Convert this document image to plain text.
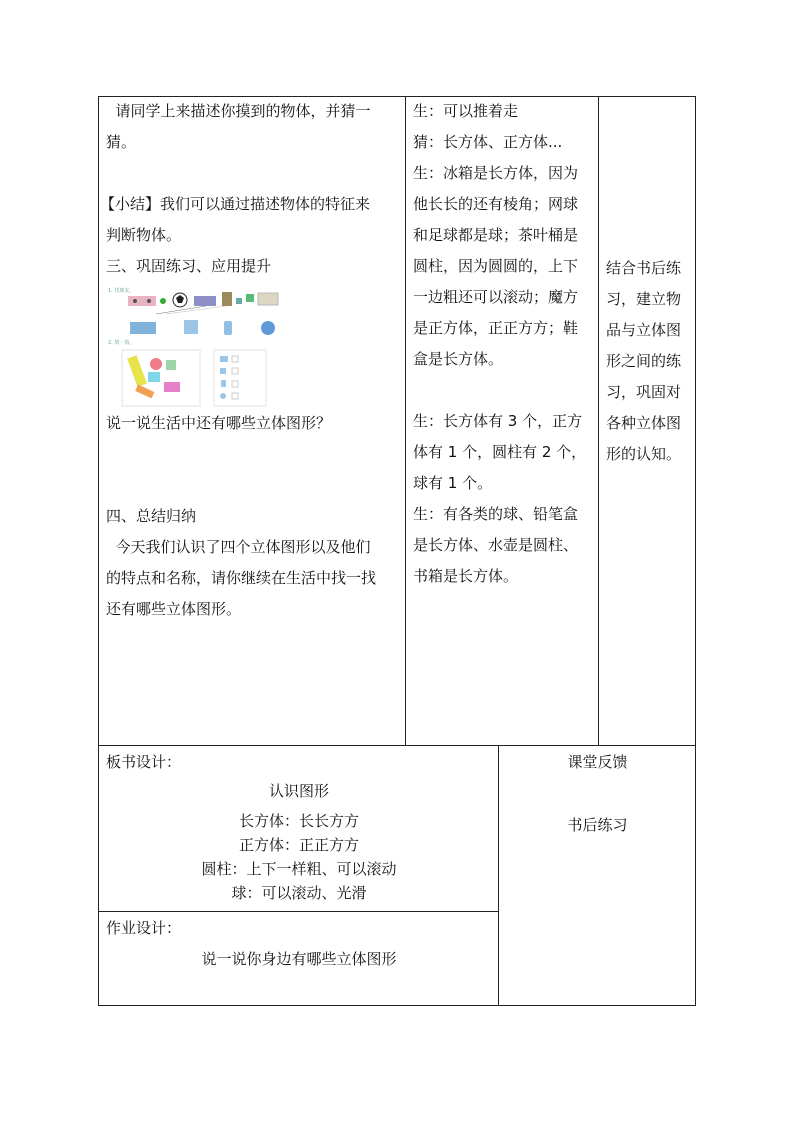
请同学上来描述你摸到的物体，并猜一

猜。

【小结】我们可以通过描述物体的特征来

判断物体。

三、巩固练习、应用提升

1. 找朋友。
2. 填一填。

说一说生活中还有哪些立体图形？

四、总结归纳

今天我们认识了四个立体图形以及他们

的特点和名称，请你继续在生活中找一找

还有哪些立体图形。

生：可以推着走

猜：长方体、正方体...

生：冰箱是长方体，因为

他长长的还有棱角；网球

和足球都是球；茶叶桶是

圆柱，因为圆圆的，上下

一边粗还可以滚动；魔方

是正方体，正正方方；鞋

盒是长方体。

生：长方体有 3 个，正方

体有 1 个，圆柱有 2 个，

球有 1 个。

生：有各类的球、铅笔盒

是长方体、水壶是圆柱、

书箱是长方体。

结合书后练

习，建立物

品与立体图

形之间的练

习，巩固对

各种立体图

形的认知。

板书设计：
认识图形
长方体：长长方方
正方体：正正方方
圆柱：上下一样粗、可以滚动
球：可以滚动、光滑
作业设计：
说一说你身边有哪些立体图形
课堂反馈
书后练习
